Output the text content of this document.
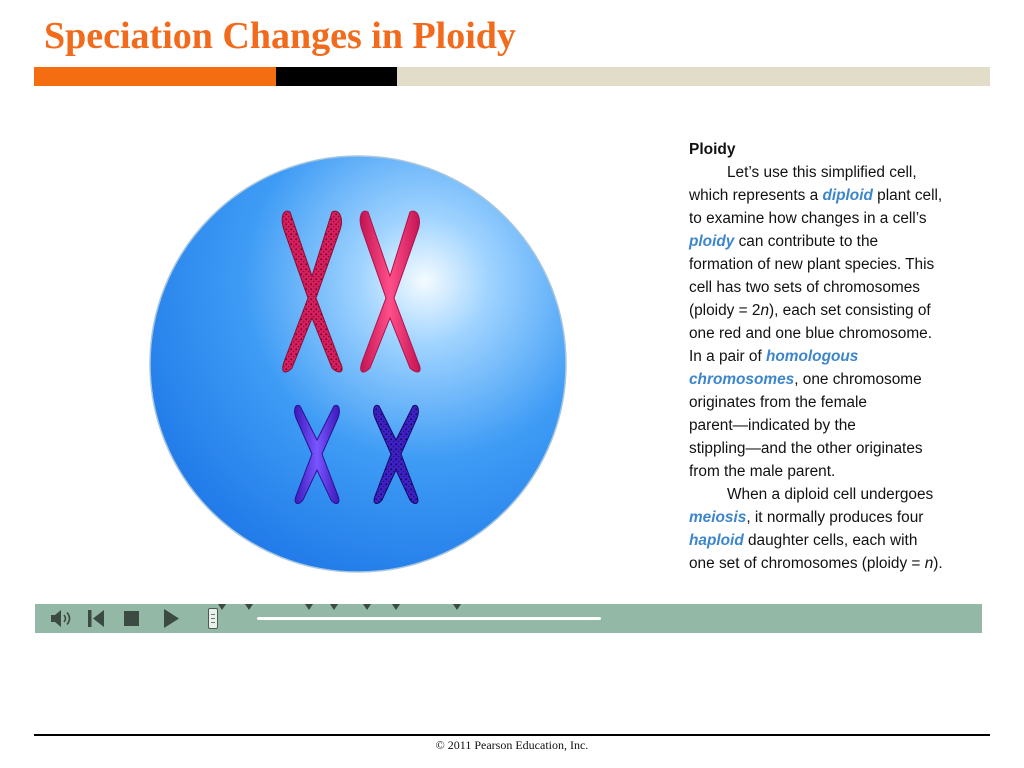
Speciation Changes in Ploidy
Ploidy
Let’s use this simplified cell,
which represents a diploid plant cell,
to examine how changes in a cell’s
ploidy can contribute to the
formation of new plant species. This
cell has two sets of chromosomes
(ploidy = 2n), each set consisting of
one red and one blue chromosome.
In a pair of homologous
chromosomes, one chromosome
originates from the female
parent—indicated by the
stippling—and the other originates
from the male parent.
When a diploid cell undergoes
meiosis, it normally produces four
haploid daughter cells, each with
one set of chromosomes (ploidy = n).
© 2011 Pearson Education, Inc.
